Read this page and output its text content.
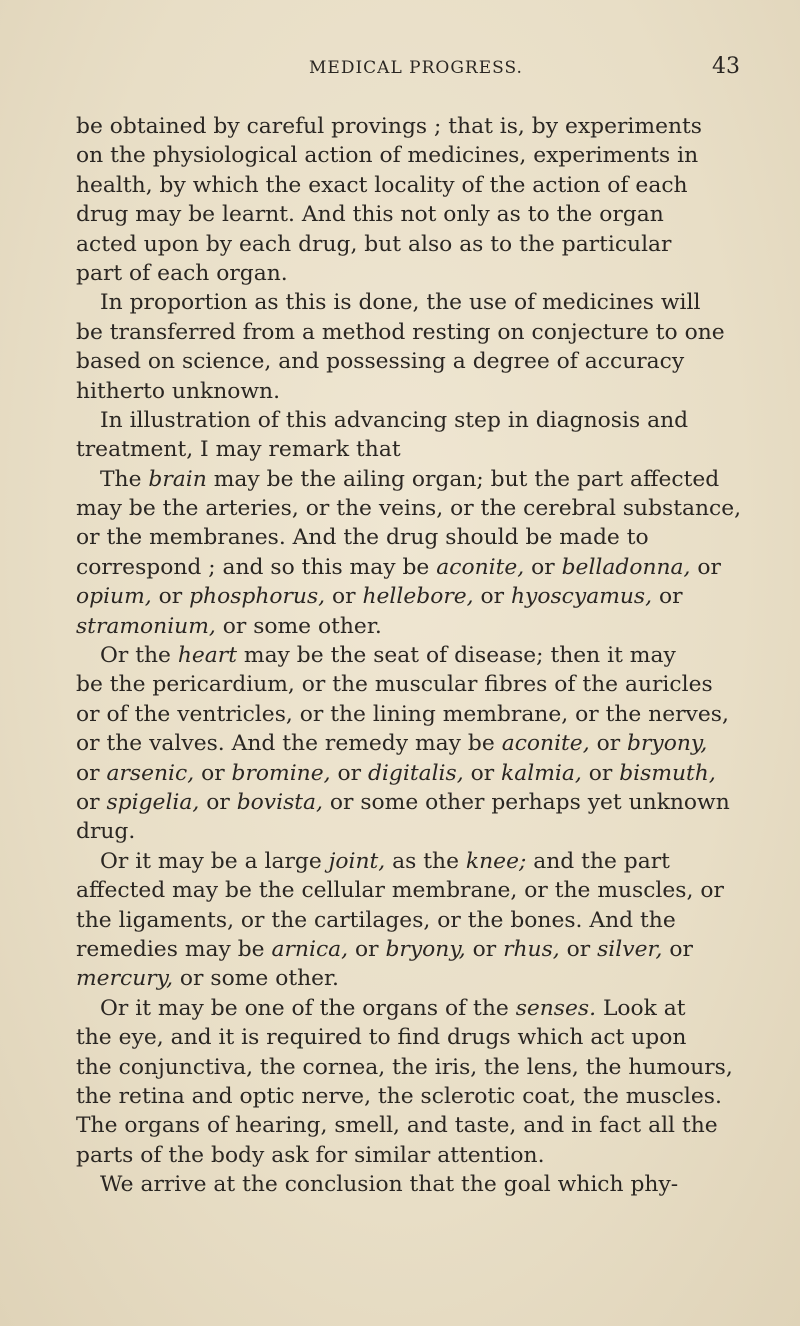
MEDICAL PROGRESS.	43
be obtained by careful provings ; that is, by experiments
on the physiological action of medicines, experiments in
health, by which the exact locality of the action of each
drug may be learnt. And this not only as to the organ
acted upon by each drug, but also as to the particular
part of each organ.
In proportion as this is done, the use of medicines will
be transferred from a method resting on conjecture to one
based on science, and possessing a degree of accuracy
hitherto unknown.
In illustration of this advancing step in diagnosis and
treatment, I may remark that
The brain may be the ailing organ; but the part affected
may be the arteries, or the veins, or the cerebral substance,
or the membranes. And the drug should be made to
correspond ; and so this may be aconite, or belladonna, or
opium, or phosphorus, or hellebore, or hyoscyamus, or
stramonium, or some other.
Or the heart may be the seat of disease; then it may
be the pericardium, or the muscular fibres of the auricles
or of the ventricles, or the lining membrane, or the nerves,
or the valves. And the remedy may be aconite, or bryony,
or arsenic, or bromine, or digitalis, or kalmia, or bismuth,
or spigelia, or bovista, or some other perhaps yet unknown
drug.
Or it may be a large joint, as the knee; and the part
affected may be the cellular membrane, or the muscles, or
the ligaments, or the cartilages, or the bones. And the
remedies may be arnica, or bryony, or rhus, or silver, or
mercury, or some other.
Or it may be one of the organs of the senses. Look at
the eye, and it is required to find drugs which act upon
the conjunctiva, the cornea, the iris, the lens, the humours,
the retina and optic nerve, the sclerotic coat, the muscles.
The organs of hearing, smell, and taste, and in fact all the
parts of the body ask for similar attention.
We arrive at the conclusion that the goal which phy-
